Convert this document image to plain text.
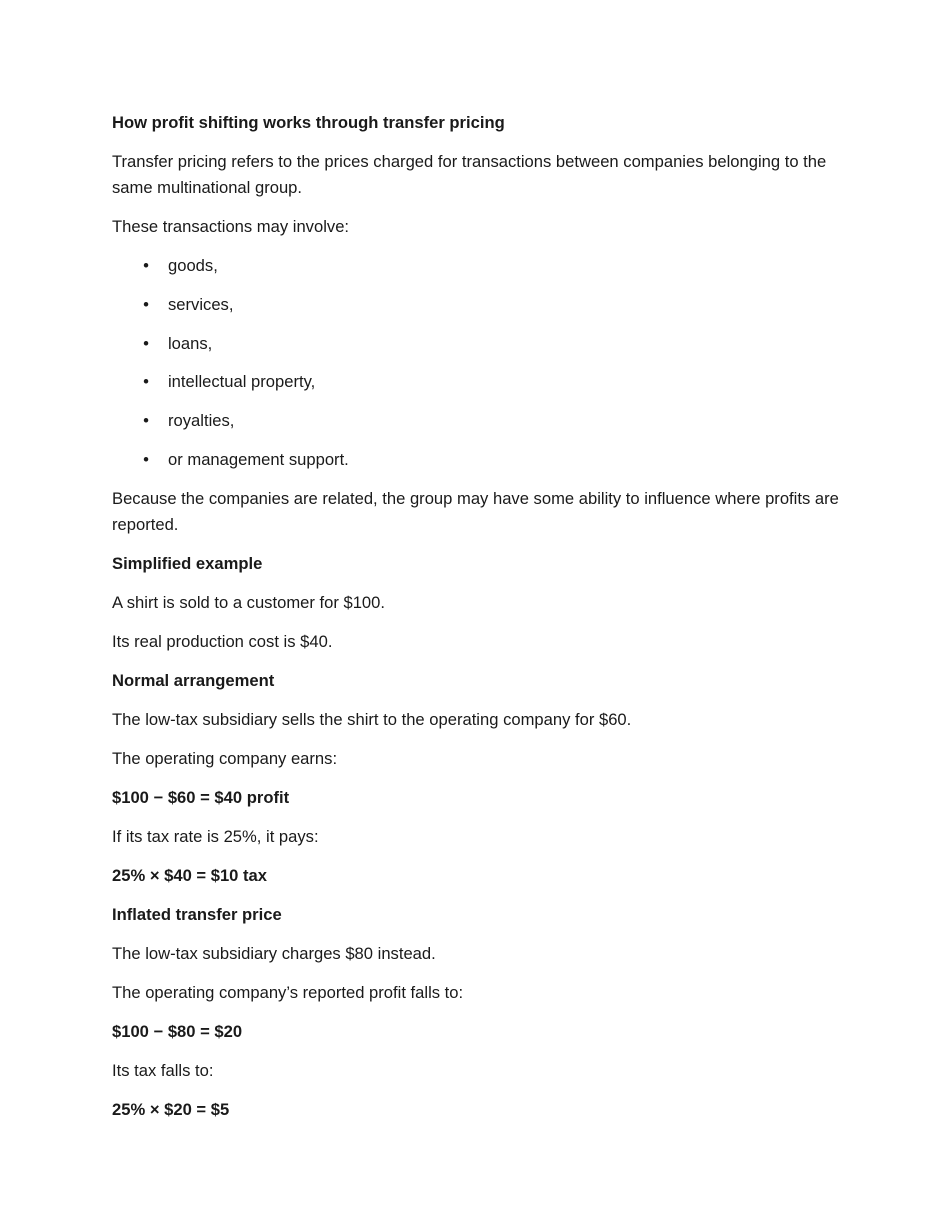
How profit shifting works through transfer pricing

Transfer pricing refers to the prices charged for transactions between companies belonging to the same multinational group.

These transactions may involve:

• goods,
• services,
• loans,
• intellectual property,
• royalties,
• or management support.

Because the companies are related, the group may have some ability to influence where profits are reported.

Simplified example

A shirt is sold to a customer for $100.

Its real production cost is $40.

Normal arrangement

The low-tax subsidiary sells the shirt to the operating company for $60.

The operating company earns:

$100 − $60 = $40 profit

If its tax rate is 25%, it pays:

25% × $40 = $10 tax

Inflated transfer price

The low-tax subsidiary charges $80 instead.

The operating company’s reported profit falls to:

$100 − $80 = $20

Its tax falls to:

25% × $20 = $5
